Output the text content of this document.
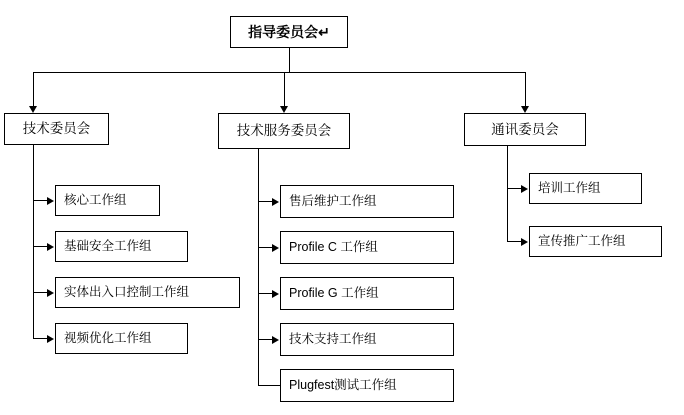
指导委员会↵
技术委员会
核心工作组
基础安全工作组
实体出入口控制工作组
视频优化工作组
技术服务委员会
售后维护工作组
Profile C 工作组
Profile G 工作组
技术支持工作组
Plugfest测试工作组
通讯委员会
培训工作组
宣传推广工作组
